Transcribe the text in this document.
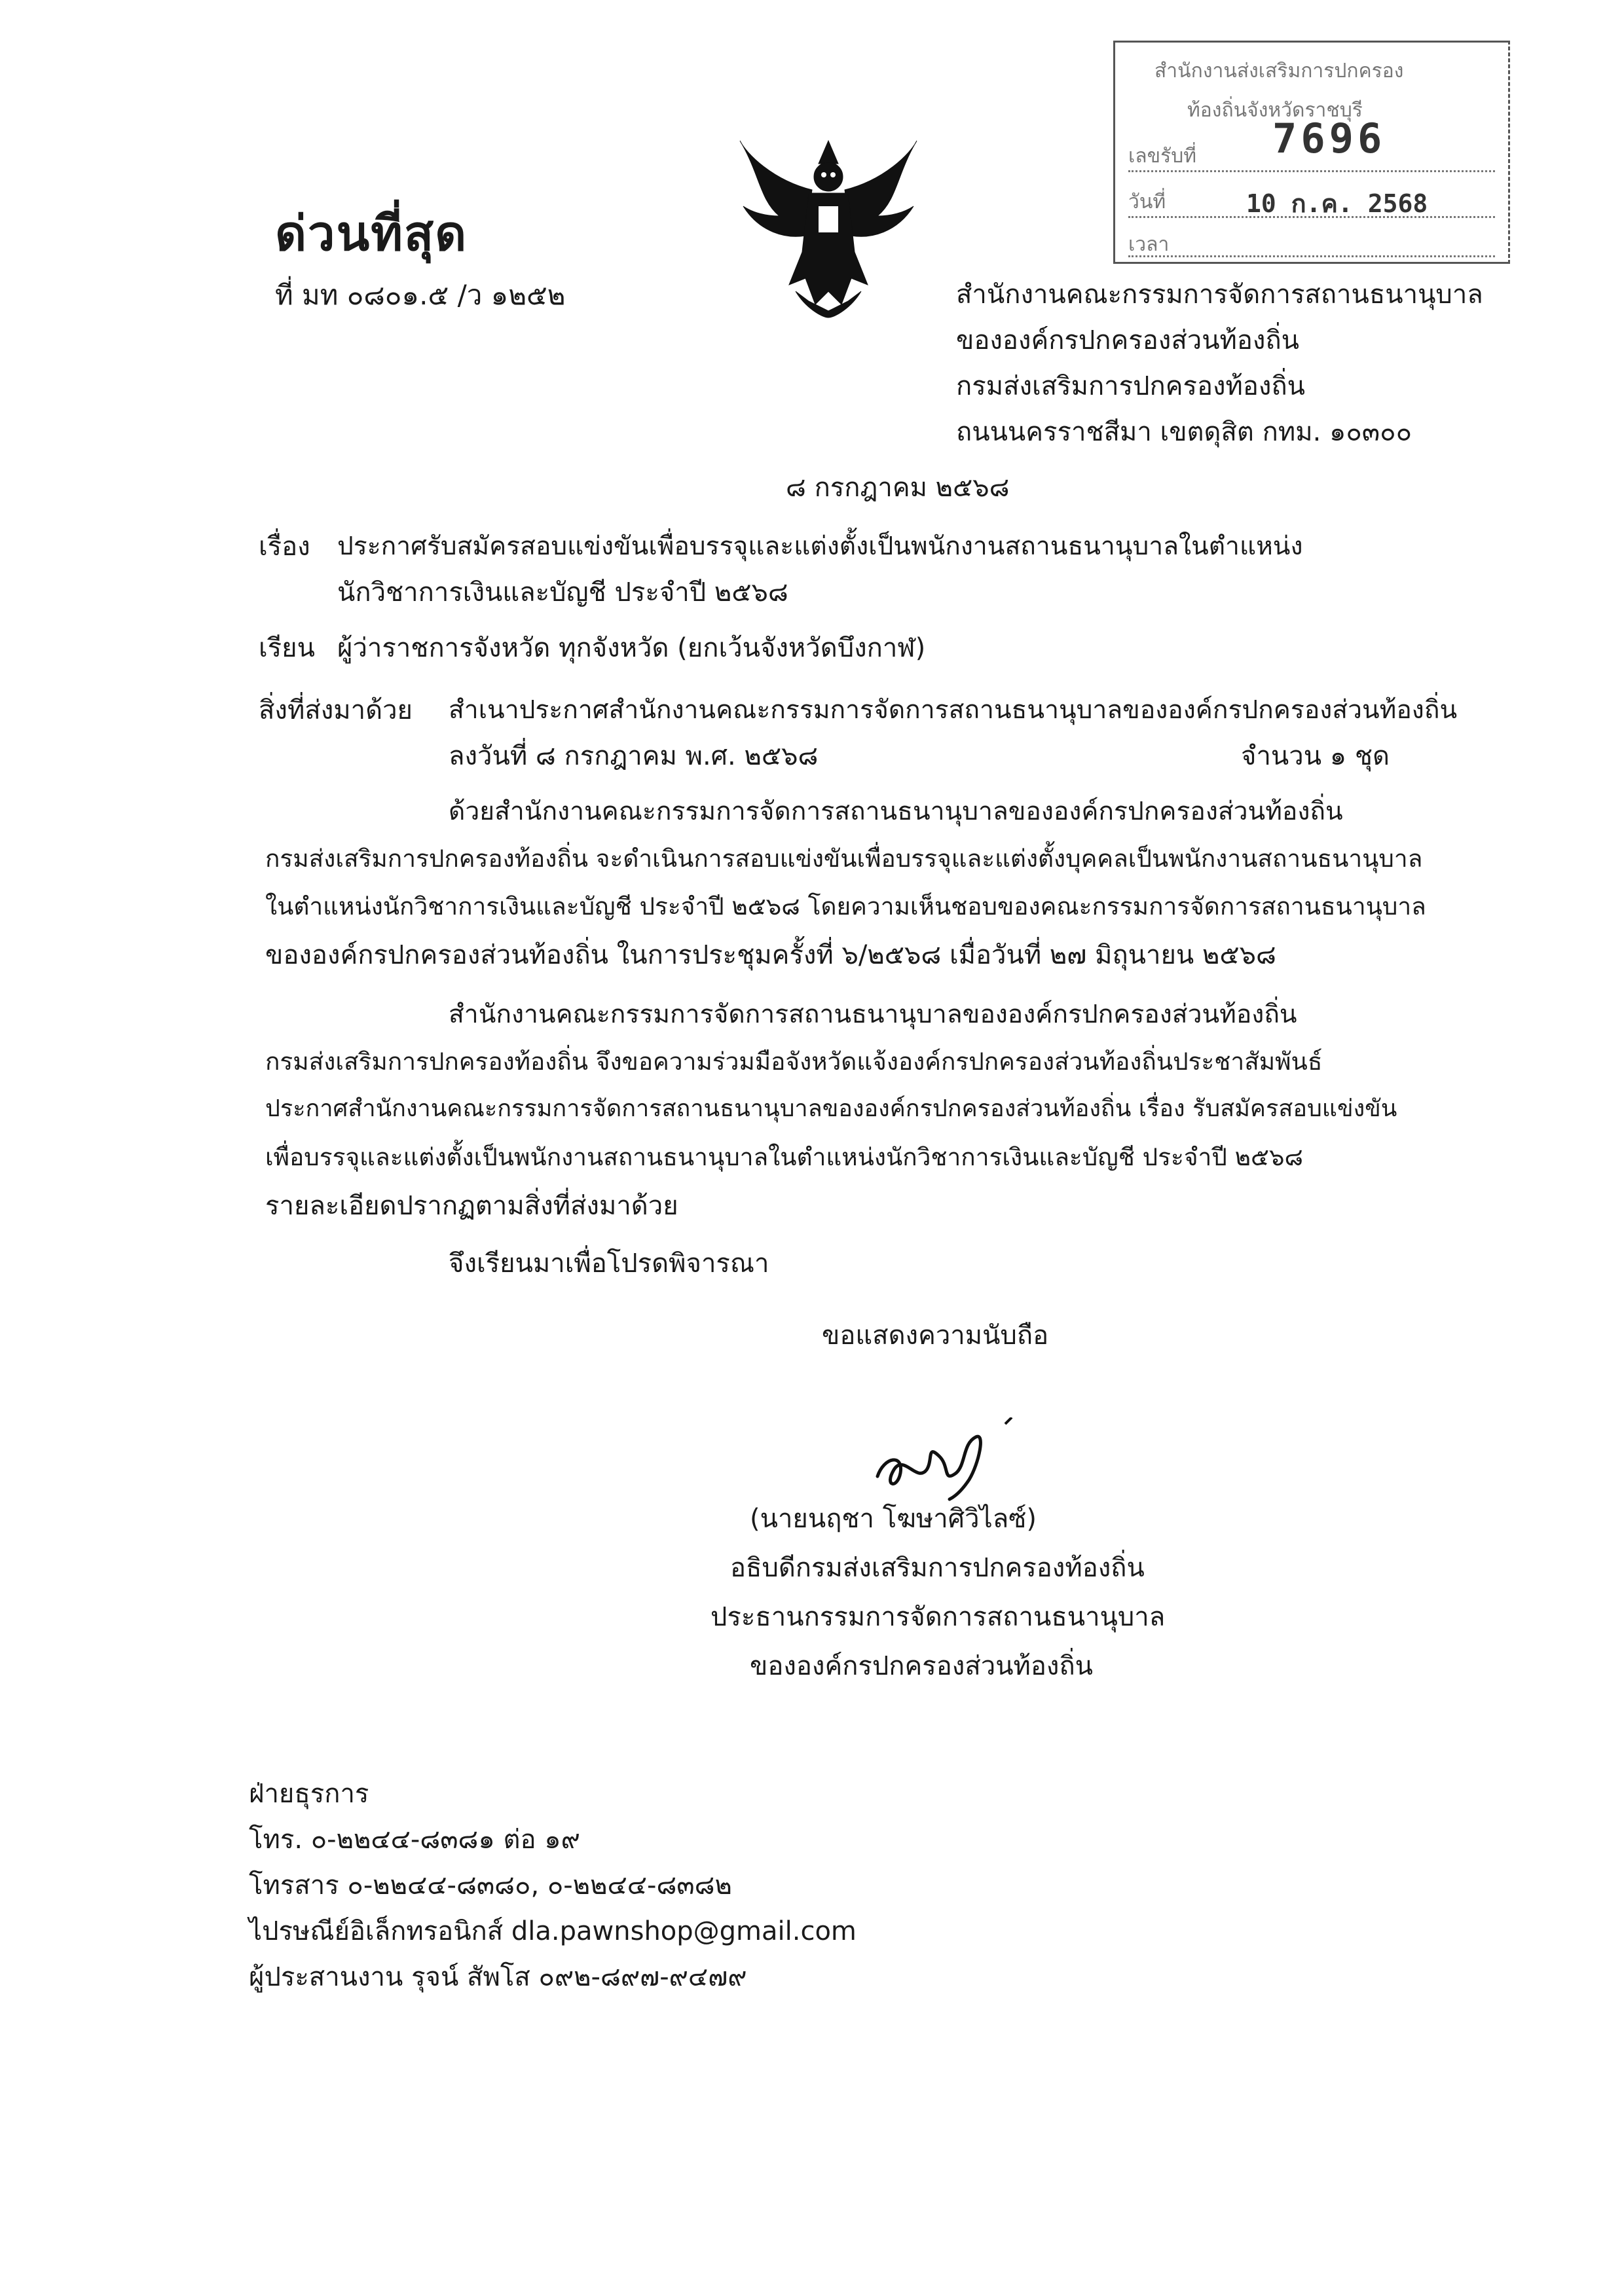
สำนักงานส่งเสริมการปกครอง
ท้องถิ่นจังหวัดราชบุรี
เลขรับที่ 7696
วันที่	10 ก.ค. 2568
เวลา
ด่วนที่สุด
ที่ มท ๐๘๐๑.๕ /ว ๑๒๕๒	สำนักงานคณะกรรมการจัดการสถานธนานุบาล
ขององค์กรปกครองส่วนท้องถิ่น
กรมส่งเสริมการปกครองท้องถิ่น
ถนนนครราชสีมา เขตดุสิต กทม. ๑๐๓๐๐
๘ กรกฎาคม ๒๕๖๘
เรื่อง ประกาศรับสมัครสอบแข่งขันเพื่อบรรจุและแต่งตั้งเป็นพนักงานสถานธนานุบาลในตำแหน่ง
นักวิชาการเงินและบัญชี ประจำปี ๒๕๖๘
เรียน ผู้ว่าราชการจังหวัด ทุกจังหวัด (ยกเว้นจังหวัดบึงกาฬ)
สิ่งที่ส่งมาด้วย สำเนาประกาศสำนักงานคณะกรรมการจัดการสถานธนานุบาลขององค์กรปกครองส่วนท้องถิ่น
ลงวันที่ ๘ กรกฎาคม พ.ศ. ๒๕๖๘	จำนวน ๑ ชุด
ด้วยสำนักงานคณะกรรมการจัดการสถานธนานุบาลขององค์กรปกครองส่วนท้องถิ่น
กรมส่งเสริมการปกครองท้องถิ่น จะดำเนินการสอบแข่งขันเพื่อบรรจุและแต่งตั้งบุคคลเป็นพนักงานสถานธนานุบาล
ในตำแหน่งนักวิชาการเงินและบัญชี ประจำปี ๒๕๖๘ โดยความเห็นชอบของคณะกรรมการจัดการสถานธนานุบาล
ขององค์กรปกครองส่วนท้องถิ่น ในการประชุมครั้งที่ ๖/๒๕๖๘ เมื่อวันที่ ๒๗ มิถุนายน ๒๕๖๘
สำนักงานคณะกรรมการจัดการสถานธนานุบาลขององค์กรปกครองส่วนท้องถิ่น
กรมส่งเสริมการปกครองท้องถิ่น จึงขอความร่วมมือจังหวัดแจ้งองค์กรปกครองส่วนท้องถิ่นประชาสัมพันธ์
ประกาศสำนักงานคณะกรรมการจัดการสถานธนานุบาลขององค์กรปกครองส่วนท้องถิ่น เรื่อง รับสมัครสอบแข่งขัน
เพื่อบรรจุและแต่งตั้งเป็นพนักงานสถานธนานุบาลในตำแหน่งนักวิชาการเงินและบัญชี ประจำปี ๒๕๖๘
รายละเอียดปรากฏตามสิ่งที่ส่งมาด้วย
จึงเรียนมาเพื่อโปรดพิจารณา
ขอแสดงความนับถือ
(นายนฤชา โฆษาศิวิไลซ์)
อธิบดีกรมส่งเสริมการปกครองท้องถิ่น
ประธานกรรมการจัดการสถานธนานุบาล
ขององค์กรปกครองส่วนท้องถิ่น
ฝ่ายธุรการ
โทร. ๐-๒๒๔๔-๘๓๘๑ ต่อ ๑๙
โทรสาร ๐-๒๒๔๔-๘๓๘๐, ๐-๒๒๔๔-๘๓๘๒
ไปรษณีย์อิเล็กทรอนิกส์ dla.pawnshop@gmail.com
ผู้ประสานงาน รุจน์ สัพโส ๐๙๒-๘๙๗-๙๔๗๙
